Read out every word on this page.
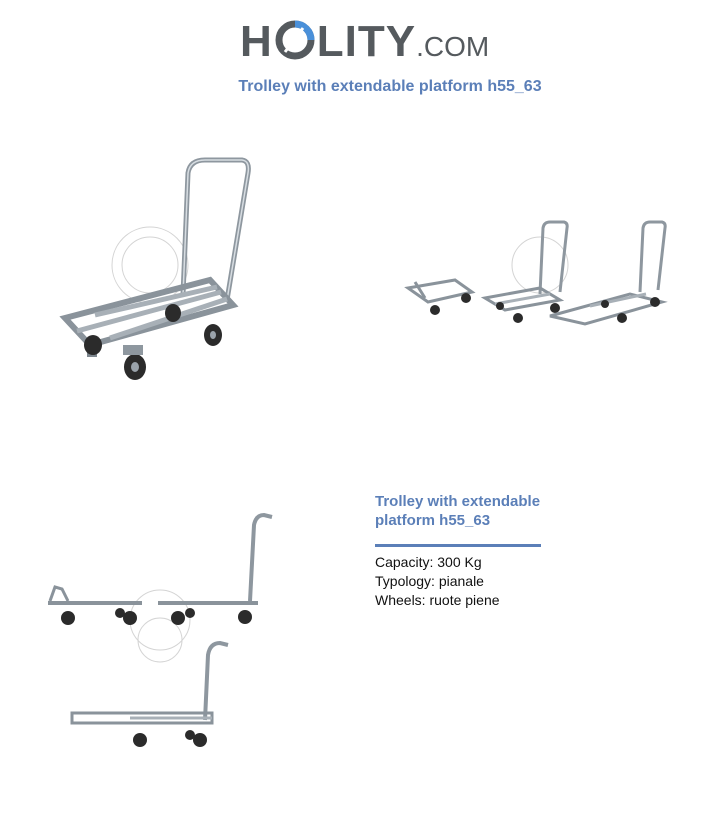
H LITY.COM
Trolley with extendable platform h55_63
Trolley with extendable platform h55_63
Capacity: 300 Kg
Typology: pianale
Wheels: ruote piene
